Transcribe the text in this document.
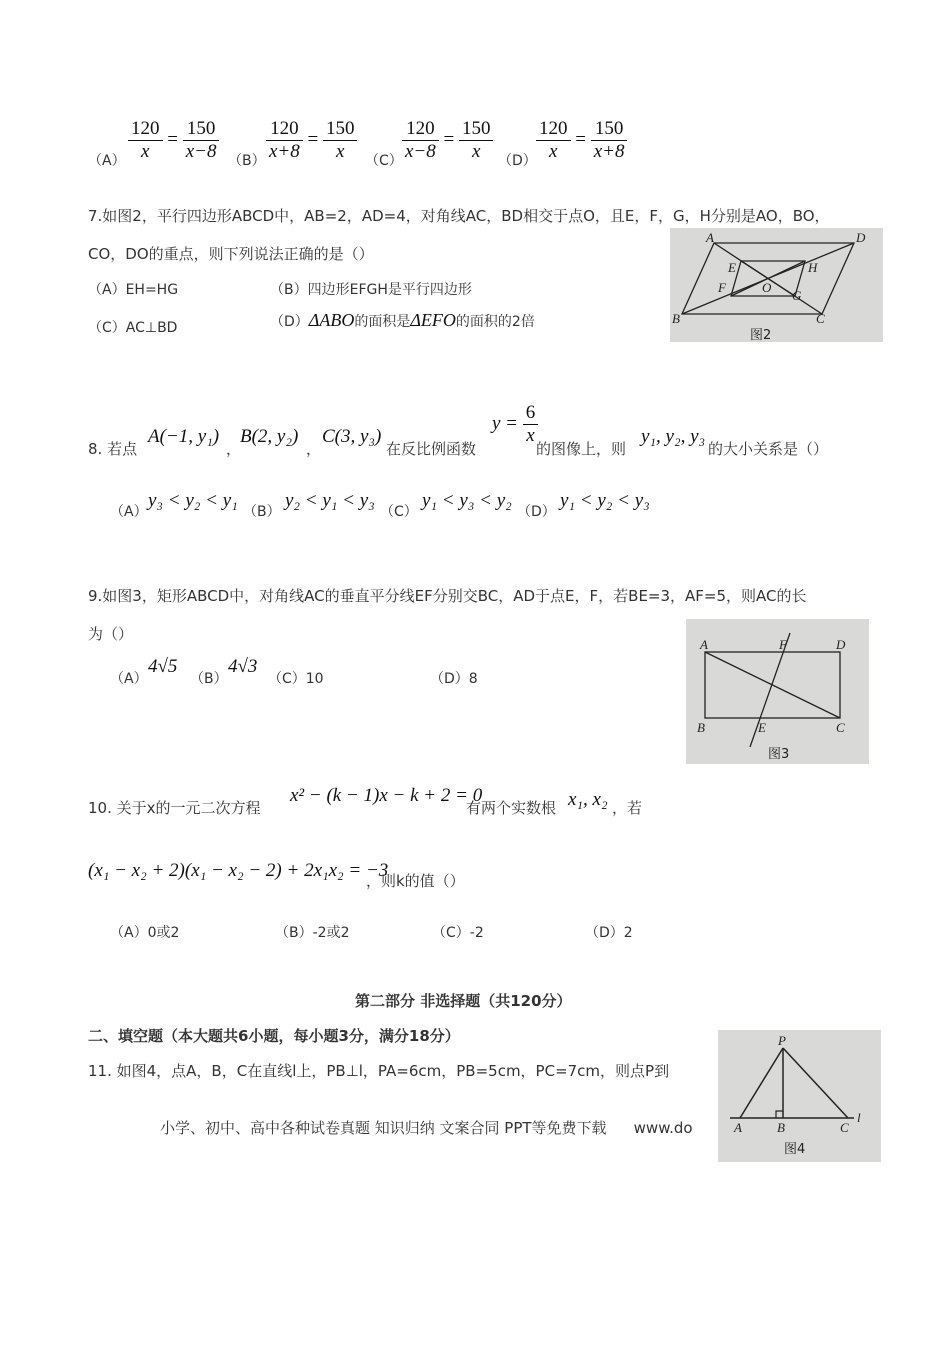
$(A) \frac{120}{x} = \frac{150}{x-8} (B) \frac{120}{x+8} = \frac{150}{x} (C) \frac{120}{x-8} = \frac{150}{x} (D) \frac{120}{x} = \frac{150}{x+8}$
7.如图2，平行四边形ABCD中，AB=2，AD=4，对角线AC，BD相交于点O，且E，F，G，H分别是AO，BO，
CO，DO的重点，则下列说法正确的是（）
（A）EH=HG	（B）四边形EFGH是平行四边形
（C）AC⊥BD	（D）ΔABO的面积是ΔEFO的面积的2倍
A	D
E	H
F	O
G
B	C
图2
8. 若点
A(−1, y₁)
，
B(2, y₂)
，
C(3, y₃)
在反比例函数
$y = \frac{6}{x}$
的图像上，则
y₁, y₂, y₃
的大小关系是（）
（A）
y₃ < y₂ < y₁
（B）
y₂ < y₁ < y₃
（C）
y₁ < y₃ < y₂
（D）
y₁ < y₂ < y₃
9.如图3，矩形ABCD中，对角线AC的垂直平分线EF分别交BC，AD于点E，F，若BE=3，AF=5，则AC的长
为（）
（A）
4√5
（B）
4√3
（C）10	（D）8
A	F	D
B	E	C
图3
10. 关于x的一元二次方程
x² − (k − 1)x − k + 2 = 0
有两个实数根 x₁, x₂ ，若
(x₁ − x₂ + 2)(x₁ − x₂ − 2) + 2x₁x₂ = −3
，则k的值（）
（A）0或2	（B）-2或2	（C）-2	（D）2
第二部分 非选择题（共120分）
二、填空题（本大题共6小题，每小题3分，满分18分）
11. 如图4，点A，B，C在直线l上，PB⊥l，PA=6cm，PB=5cm，PC=7cm，则点P到
小学、初中、高中各种试卷真题 知识归纳 文案合同 PPT等免费下载 www.do
P
A	B	C
l
图4
